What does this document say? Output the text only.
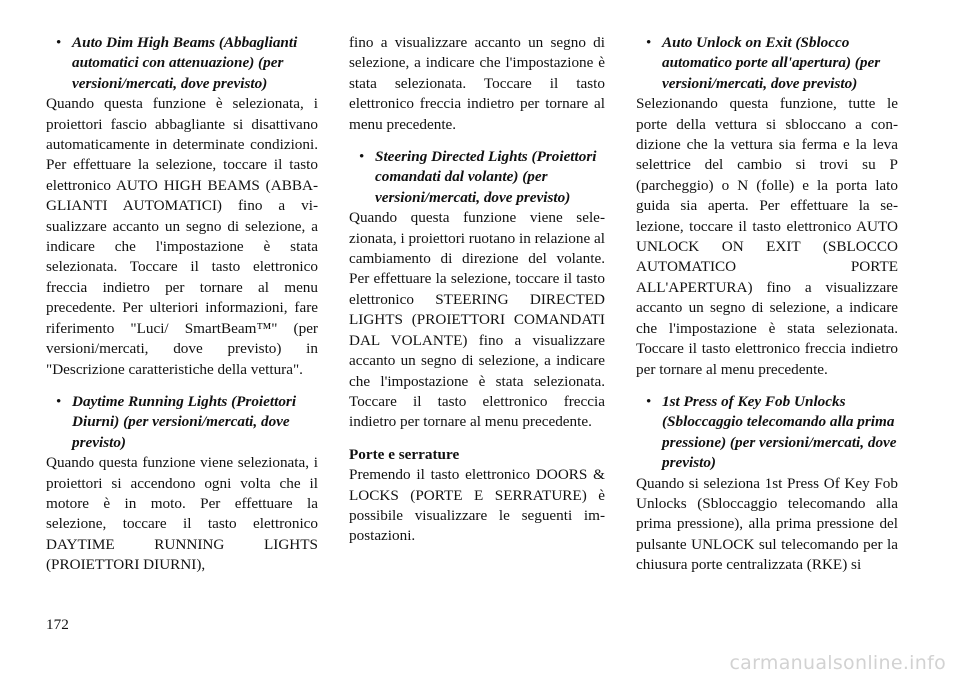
• Auto Dim High Beams (Abbaglianti automatici con attenuazione) (per versioni/mercati, dove previsto)

Quando questa funzione è selezionata, i proiettori fascio abbagliante si disattivano automaticamente in determinate condizioni. Per effettuare la selezione, toccare il tasto elettronico AUTO HIGH BEAMS (ABBAGLIANTI AUTOMATICI) fino a visualizzare accanto un segno di selezione, a indicare che l'impostazione è stata selezionata. Toccare il tasto elettronico freccia indietro per tornare al menu precedente. Per ulteriori informazioni, fare riferimento "Luci/ SmartBeam™" (per versioni/mercati, dove previsto) in "Descrizione caratteristiche della vettura".

• Daytime Running Lights (Proiettori Diurni) (per versioni/mercati, dove previsto)

Quando questa funzione viene selezionata, i proiettori si accendono ogni volta che il motore è in moto. Per effettuare la selezione, toccare il tasto elettronico DAYTIME RUNNING LIGHTS (PROIETTORI DIURNI),

fino a visualizzare accanto un segno di selezione, a indicare che l'impostazione è stata selezionata. Toccare il tasto elettronico freccia indietro per tornare al menu precedente.

• Steering Directed Lights (Proiettori comandati dal volante) (per versioni/mercati, dove previsto)

Quando questa funzione viene selezionata, i proiettori ruotano in relazione al cambiamento di direzione del volante. Per effettuare la selezione, toccare il tasto elettronico STEERING DIRECTED LIGHTS (PROIETTORI COMANDATI DAL VOLANTE) fino a visualizzare accanto un segno di selezione, a indicare che l'impostazione è stata selezionata. Toccare il tasto elettronico freccia indietro per tornare al menu precedente.

Porte e serrature

Premendo il tasto elettronico DOORS & LOCKS (PORTE E SERRATURE) è possibile visualizzare le seguenti impostazioni.

• Auto Unlock on Exit (Sblocco automatico porte all'apertura) (per versioni/mercati, dove previsto)

Selezionando questa funzione, tutte le porte della vettura si sbloccano a condizione che la vettura sia ferma e la leva selettrice del cambio si trovi su P (parcheggio) o N (folle) e la porta lato guida sia aperta. Per effettuare la selezione, toccare il tasto elettronico AUTO UNLOCK ON EXIT (SBLOCCO AUTOMATICO PORTE ALL'APERTURA) fino a visualizzare accanto un segno di selezione, a indicare che l'impostazione è stata selezionata. Toccare il tasto elettronico freccia indietro per tornare al menu precedente.

• 1st Press of Key Fob Unlocks (Sbloccaggio telecomando alla prima pressione) (per versioni/mercati, dove previsto)

Quando si seleziona 1st Press Of Key Fob Unlocks (Sbloccaggio telecomando alla prima pressione), alla prima pressione del pulsante UNLOCK sul telecomando per la chiusura porte centralizzata (RKE) si

172
carmanualsonline.info
